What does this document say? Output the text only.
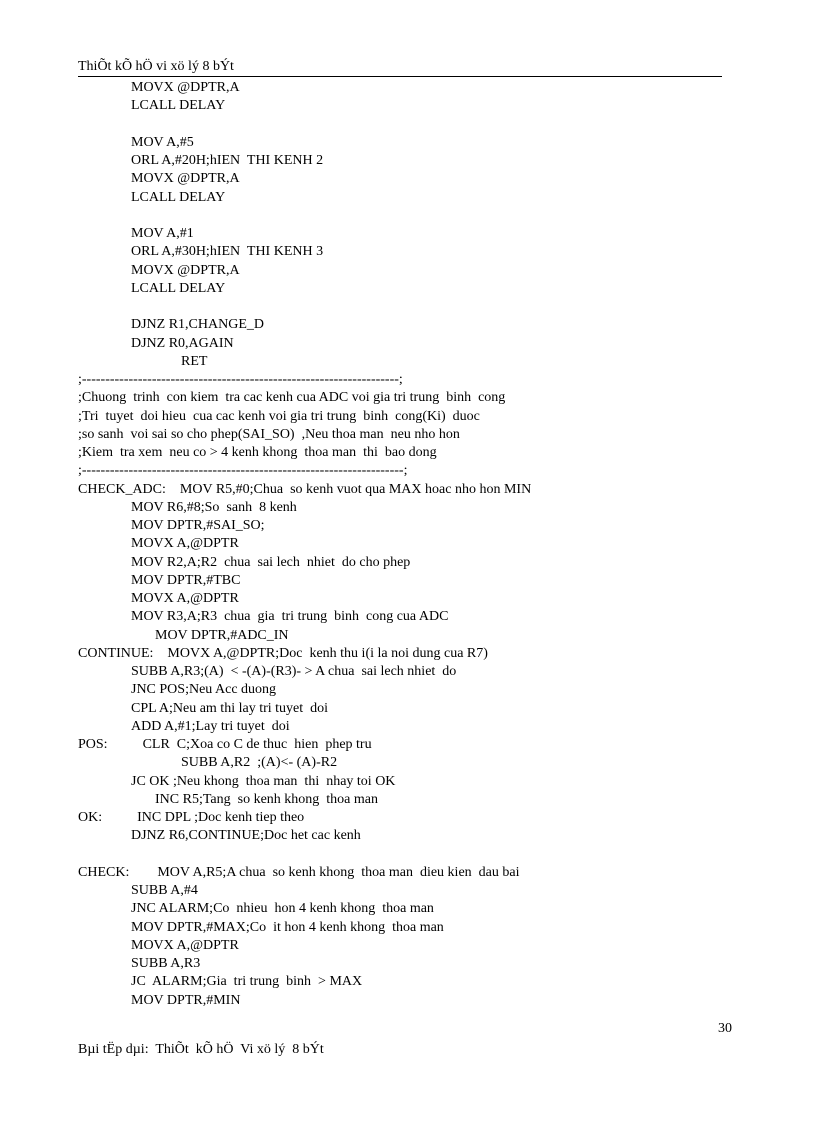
ThiÕt kÕ hÖ vi xö lý 8 bÝt
MOVX @DPTR,A
LCALL DELAY
MOV A,#5
ORL A,#20H;hIEN  THI KENH 2
MOVX @DPTR,A
LCALL DELAY
MOV A,#1
ORL A,#30H;hIEN  THI KENH 3
MOVX @DPTR,A
LCALL DELAY
DJNZ R1,CHANGE_D
DJNZ R0,AGAIN
RET
;--------------------------------------------------------------------;
;Chuong  trinh  con kiem  tra cac kenh cua ADC voi gia tri trung  binh  cong
;Tri  tuyet  doi hieu  cua cac kenh voi gia tri trung  binh  cong(Ki)  duoc
;so sanh  voi sai so cho phep(SAI_SO)  ,Neu thoa man  neu nho hon
;Kiem  tra xem  neu co > 4 kenh khong  thoa man  thi  bao dong
;---------------------------------------------------------------------;
CHECK_ADC:    MOV R5,#0;Chua  so kenh vuot qua MAX hoac nho hon MIN
MOV R6,#8;So  sanh  8 kenh
MOV DPTR,#SAI_SO;
MOVX A,@DPTR
MOV R2,A;R2  chua  sai lech  nhiet  do cho phep
MOV DPTR,#TBC
MOVX A,@DPTR
MOV R3,A;R3  chua  gia  tri trung  binh  cong cua ADC
MOV DPTR,#ADC_IN
CONTINUE:    MOVX A,@DPTR;Doc  kenh thu i(i la noi dung cua R7)
SUBB A,R3;(A)  < -(A)-(R3)- > A chua  sai lech nhiet  do
JNC POS;Neu Acc duong
CPL A;Neu am thi lay tri tuyet  doi
ADD A,#1;Lay tri tuyet  doi
POS:          CLR  C;Xoa co C de thuc  hien  phep tru
SUBB A,R2  ;(A)<- (A)-R2
JC OK ;Neu khong  thoa man  thi  nhay toi OK
INC R5;Tang  so kenh khong  thoa man
OK:          INC DPL ;Doc kenh tiep theo
DJNZ R6,CONTINUE;Doc het cac kenh
CHECK:        MOV A,R5;A chua  so kenh khong  thoa man  dieu kien  dau bai
SUBB A,#4
JNC ALARM;Co  nhieu  hon 4 kenh khong  thoa man
MOV DPTR,#MAX;Co  it hon 4 kenh khong  thoa man
MOVX A,@DPTR
SUBB A,R3
JC  ALARM;Gia  tri trung  binh  > MAX
MOV DPTR,#MIN
30
Bµi tËp dµi:  ThiÕt  kÕ hÖ  Vi xö lý  8 bÝt
